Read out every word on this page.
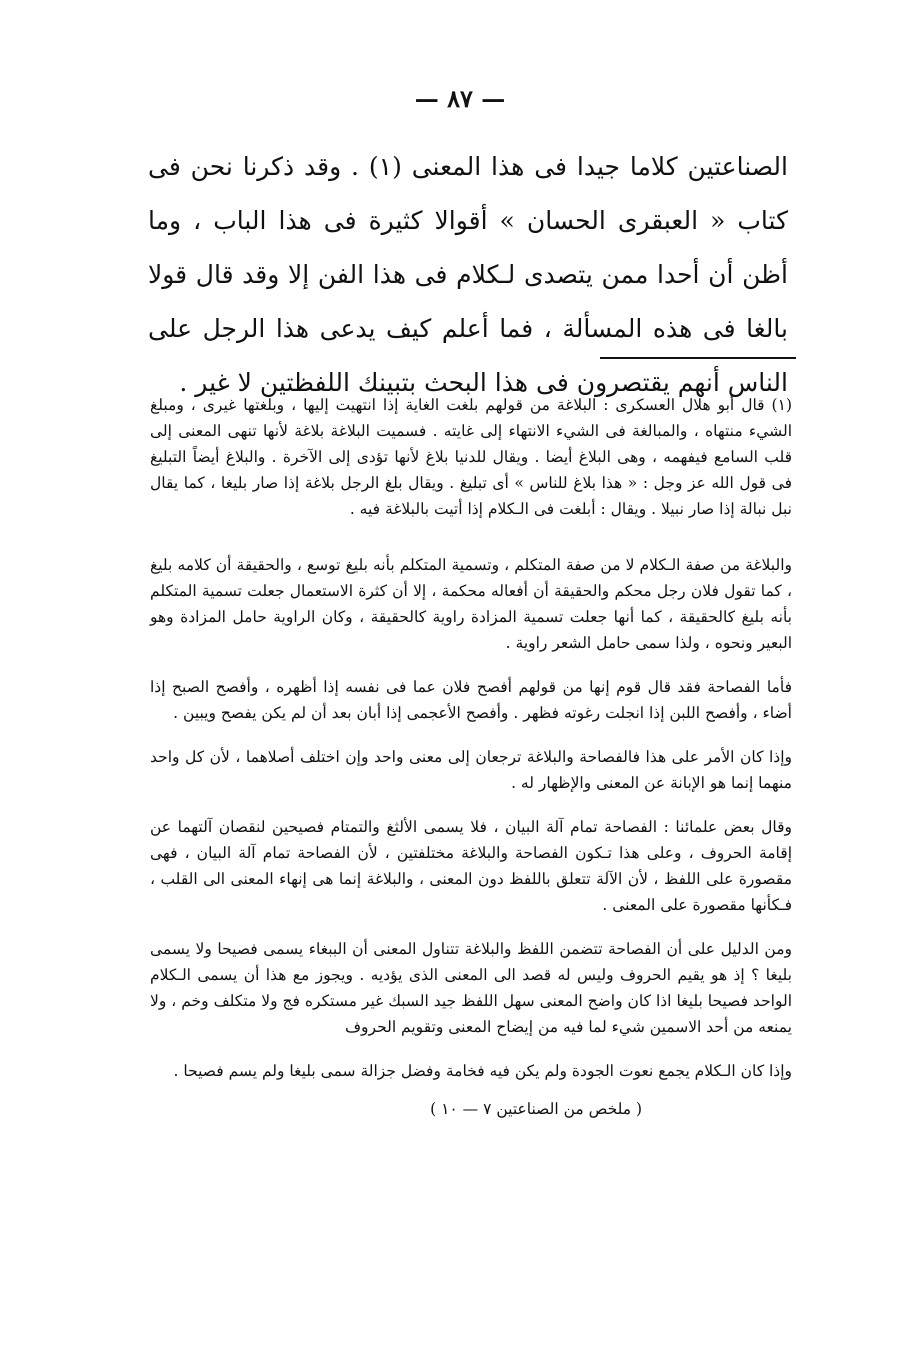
— ٨٧ —
الصناعتين كلاما جيدا فى هذا المعنى (١) . وقد ذكرنا نحن فى كتاب « العبقرى الحسان » أقوالا كثيرة فى هذا الباب ، وما أظن أن أحدا ممن يتصدى لـكلام فى هذا الفن إلا وقد قال قولا بالغا فى هذه المسألة ، فما أعلم كيف يدعى هذا الرجل على الناس أنهم يقتصرون فى هذا البحث بتبينك اللفظتين لا غير .

(١) قال أبو هلال العسكرى : البلاغة من قولهم بلغت الغاية إذا انتهيت إليها ، وبلغتها غيرى ، ومبلغ الشيء منتهاه ، والمبالغة فى الشيء الانتهاء إلى غايته . فسميت البلاغة بلاغة لأنها تنهى المعنى إلى قلب السامع فيفهمه ، وهى البلاغ أيضا . ويقال للدنيا بلاغ لأنها تؤدى إلى الآخرة . والبلاغ أيضاً التبليغ فى قول الله عز وجل : « هذا بلاغ للناس » أى تبليغ . ويقال بلغ الرجل بلاغة إذا صار بليغا ، كما يقال نبل نبالة إذا صار نبيلا . ويقال : أبلغت فى الـكلام إذا أتيت بالبلاغة فيه .

والبلاغة من صفة الـكلام لا من صفة المتكلم ، وتسمية المتكلم بأنه بليغ توسع ، والحقيقة أن كلامه بليغ ، كما تقول فلان رجل محكم والحقيقة أن أفعاله محكمة ، إلا أن كثرة الاستعمال جعلت تسمية المتكلم بأنه بليغ كالحقيقة ، كما أنها جعلت تسمية المزادة راوية كالحقيقة ، وكان الراوية حامل المزادة وهو البعير ونحوه ، ولذا سمى حامل الشعر راوية .

فأما الفصاحة فقد قال قوم إنها من قولهم أفصح فلان عما فى نفسه إذا أظهره ، وأفصح الصبح إذا أضاء ، وأفصح اللبن إذا انجلت رغوته فظهر . وأفصح الأعجمى إذا أبان بعد أن لم يكن يفصح ويبين .

وإذا كان الأمر على هذا فالفصاحة والبلاغة ترجعان إلى معنى واحد وإن اختلف أصلاهما ، لأن كل واحد منهما إنما هو الإبانة عن المعنى والإظهار له .

وقال بعض علمائنا : الفصاحة تمام آلة البيان ، فلا يسمى الألثغ والتمتام فصيحين لنقصان آلتهما عن إقامة الحروف ، وعلى هذا تـكون الفصاحة والبلاغة مختلفتين ، لأن الفصاحة تمام آلة البيان ، فهى مقصورة على اللفظ ، لأن الآلة تتعلق باللفظ دون المعنى ، والبلاغة إنما هى إنهاء المعنى الى القلب ، فـكأنها مقصورة على المعنى .

ومن الدليل على أن الفصاحة تتضمن اللفظ والبلاغة تتناول المعنى أن الببغاء يسمى فصيحا ولا يسمى بليغا ؟ إذ هو يقيم الحروف وليس له قصد الى المعنى الذى يؤديه . ويجوز مع هذا أن يسمى الـكلام الواحد فصيحا بليغا اذا كان واضح المعنى سهل اللفظ جيد السبك غير مستكره فج ولا متكلف وخم ، ولا يمنعه من أحد الاسمين شيء لما فيه من إيضاح المعنى وتقويم الحروف

وإذا كان الـكلام يجمع نعوت الجودة ولم يكن فيه فخامة وفضل جزالة سمى بليغا ولم يسم فصيحا .

( ملخص من الصناعتين ٧ — ١٠ )
